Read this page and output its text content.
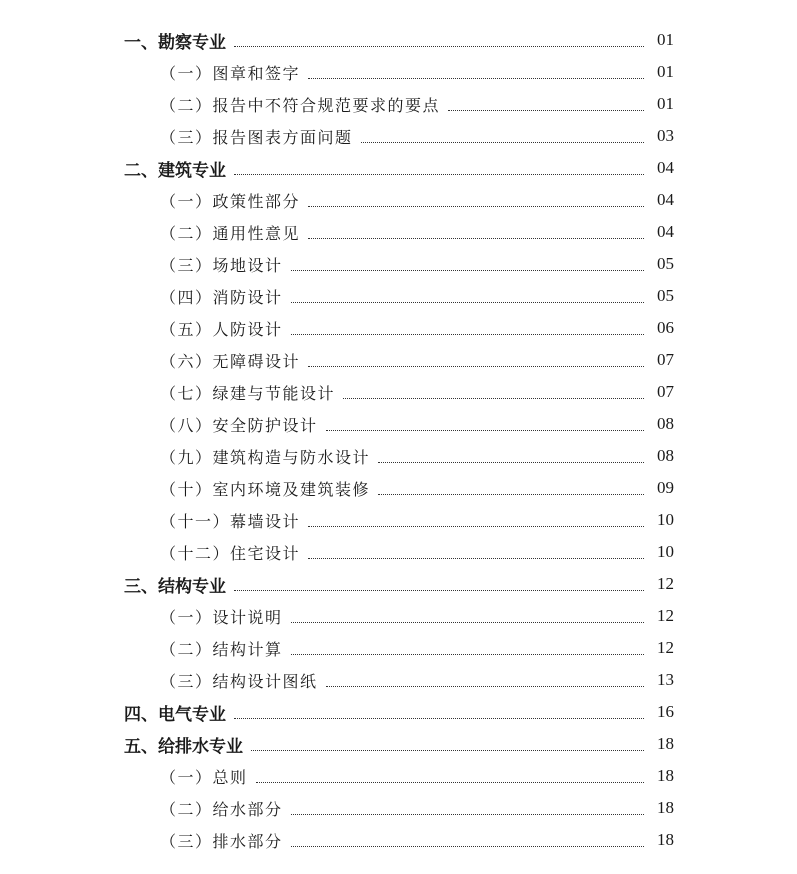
一、勘察专业	01
（一）图章和签字	01
（二）报告中不符合规范要求的要点	01
（三）报告图表方面问题	03
二、建筑专业	04
（一）政策性部分	04
（二）通用性意见	04
（三）场地设计	05
（四）消防设计	05
（五）人防设计	06
（六）无障碍设计	07
（七）绿建与节能设计	07
（八）安全防护设计	08
（九）建筑构造与防水设计	08
（十）室内环境及建筑装修	09
（十一）幕墙设计	10
（十二）住宅设计	10
三、结构专业	12
（一）设计说明	12
（二）结构计算	12
（三）结构设计图纸	13
四、电气专业	16
五、给排水专业	18
（一）总则	18
（二）给水部分	18
（三）排水部分	18
